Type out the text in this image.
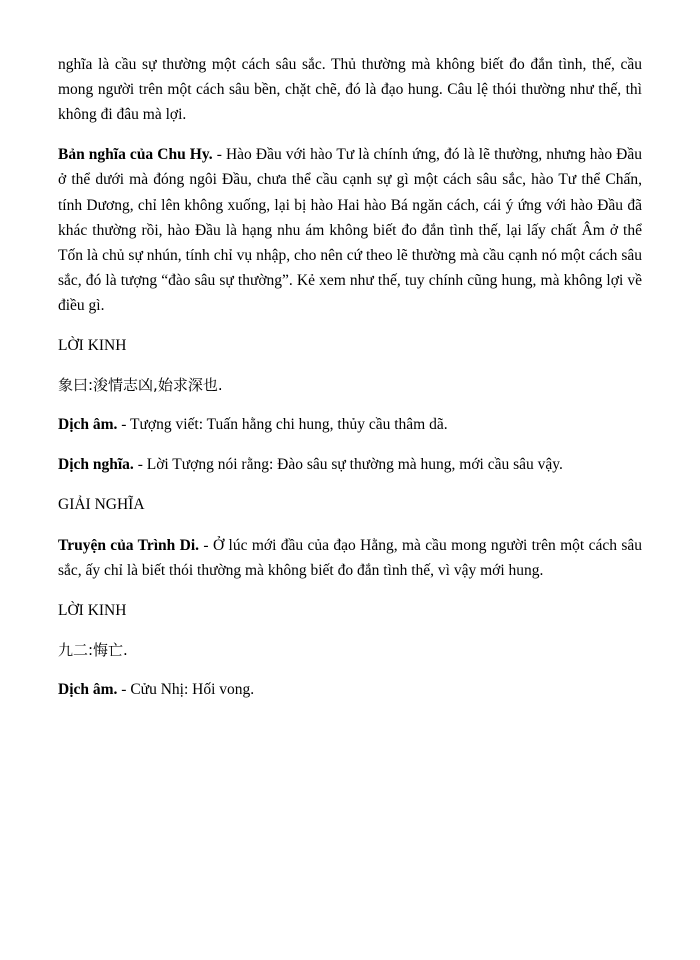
nghĩa là cầu sự thường một cách sâu sắc. Thủ thường mà không biết đo đắn tình, thế, cầu mong người trên một cách sâu bền, chặt chẽ, đó là đạo hung. Câu lệ thói thường như thế, thì không đi đâu mà lợi.

Bản nghĩa của Chu Hy. - Hào Đầu với hào Tư là chính ứng, đó là lẽ thường, nhưng hào Đầu ở thể dưới mà đóng ngôi Đầu, chưa thể cầu cạnh sự gì một cách sâu sắc, hào Tư thể Chấn, tính Dương, chỉ lên không xuống, lại bị hào Hai hào Bá ngăn cách, cái ý ứng với hào Đầu đã khác thường rồi, hào Đầu là hạng nhu ám không biết đo đắn tình thế, lại lấy chất Âm ở thể Tốn là chủ sự nhún, tính chỉ vụ nhập, cho nên cứ theo lẽ thường mà cầu cạnh nó một cách sâu sắc, đó là tượng “đào sâu sự thường”. Kẻ xem như thế, tuy chính cũng hung, mà không lợi về điều gì.

LỜI KINH

象曰:浚情志凶,始求深也.

Dịch âm. - Tượng viết: Tuấn hằng chi hung, thủy cầu thâm dã.

Dịch nghĩa. - Lời Tượng nói rằng: Đào sâu sự thường mà hung, mới cầu sâu vậy.

GIẢI NGHĨA

Truyện của Trình Di. - Ở lúc mới đầu của đạo Hằng, mà cầu mong người trên một cách sâu sắc, ấy chỉ là biết thói thường mà không biết đo đắn tình thế, vì vậy mới hung.

LỜI KINH

九二:悔亡.

Dịch âm. - Cửu Nhị: Hối vong.
